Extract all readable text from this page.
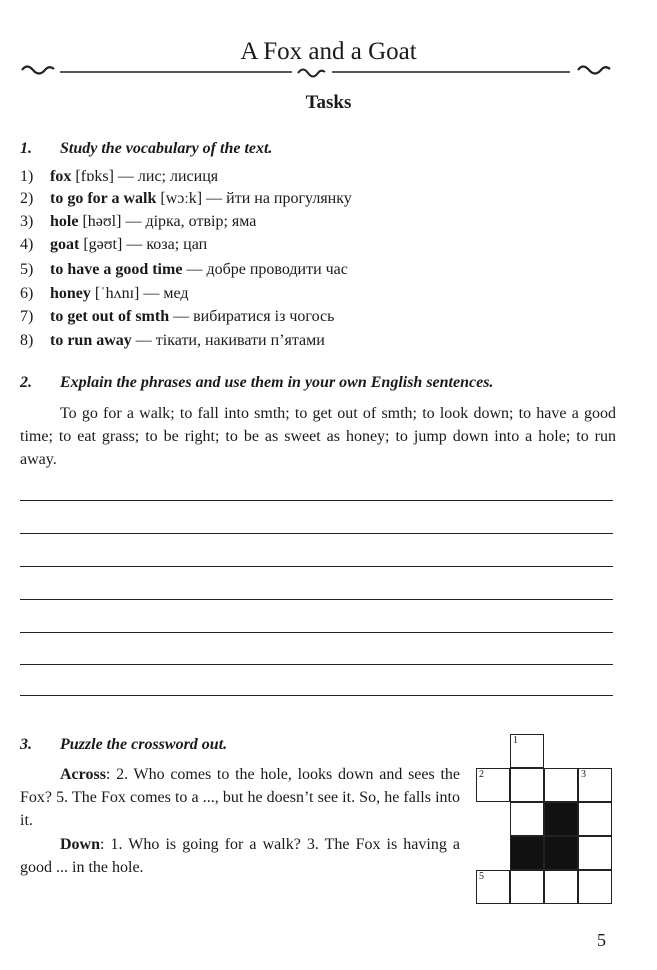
A Fox and a Goat
Tasks
1. Study the vocabulary of the text.
1) fox [fɒks] — лис; лисиця
2) to go for a walk [wɔːk] — йти на прогулянку
3) hole [həʊl] — дірка, отвір; яма
4) goat [gəʊt] — коза; цап
5) to have a good time — добре проводити час
6) honey [ˈhʌnɪ] — мед
7) to get out of smth — вибиратися із чогось
8) to run away — тікати, накивати п’ятами
2. Explain the phrases and use them in your own English sentences.
To go for a walk; to fall into smth; to get out of smth; to look down; to have a good time; to eat grass; to be right; to be as sweet as honey; to jump down into a hole; to run away.
3. Puzzle the crossword out.
Across: 2. Who comes to the hole, looks down and sees the Fox? 5. The Fox comes to a ..., but he doesn’t see it. So, he falls into it.
Down: 1. Who is going for a walk? 3. The Fox is having a good ... in the hole.
1
2	3
5
5
